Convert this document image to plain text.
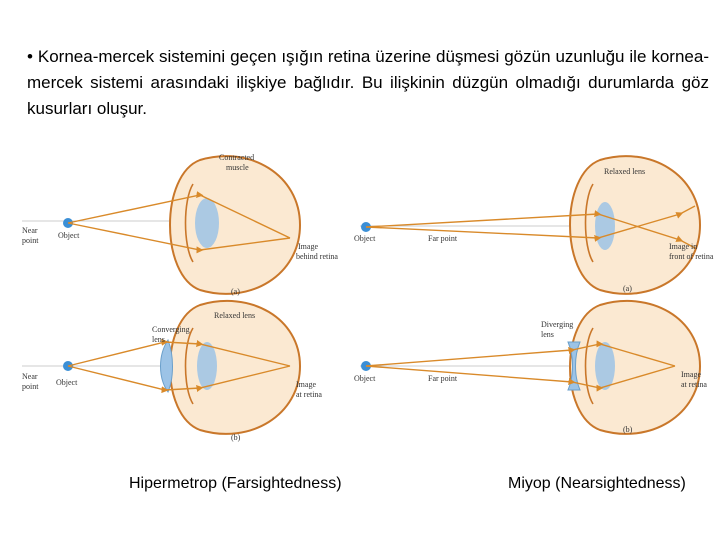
• Kornea-mercek sistemini geçen ışığın retina üzerine düşmesi gözün uzunluğu ile kornea-mercek sistemi arasındaki ilişkiye bağlıdır. Bu ilişkinin düzgün olmadığı durumlarda göz kusurları oluşur.
Contracted
muscle
Near
point
Object
Image
behind retina
(a)
Relaxed lens
Object	Far point
Image in
front of retina
(a)
Relaxed lens
Converging
lens
Near
point Object	Image
at retina
(b)
Diverging
lens
Object	Far point	Image
at retina
(b)
Hipermetrop (Farsightedness)	Miyop (Nearsightedness)
